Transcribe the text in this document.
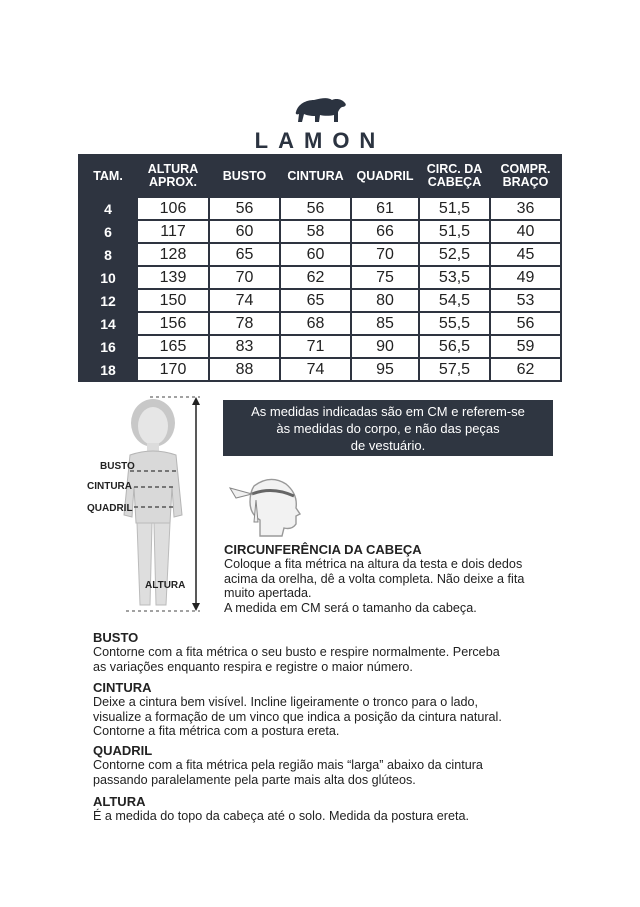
LAMON
TAM.	ALTURA APROX.	BUSTO	CINTURA	QUADRIL	CIRC. DA CABEÇA	COMPR. BRAÇO
4	106	56	56	61	51,5	36
6	117	60	58	66	51,5	40
8	128	65	60	70	52,5	45
10	139	70	62	75	53,5	49
12	150	74	65	80	54,5	53
14	156	78	68	85	55,5	56
16	165	83	71	90	56,5	59
18	170	88	74	95	57,5	62
BUSTO
CINTURA
QUADRIL
ALTURA
As medidas indicadas são em CM e referem-se
às medidas do corpo, e não das peças
de vestuário.
CIRCUNFERÊNCIA DA CABEÇA
Coloque a fita métrica na altura da testa e dois dedos
acima da orelha, dê a volta completa. Não deixe a fita
muito apertada.
A medida em CM será o tamanho da cabeça.
BUSTO

Contorne com a fita métrica o seu busto e respire normalmente. Perceba

as variações enquanto respira e registre o maior número.

CINTURA

Deixe a cintura bem visível. Incline ligeiramente o tronco para o lado,

visualize a formação de um vinco que indica a posição da cintura natural.

Contorne a fita métrica com a postura ereta.

QUADRIL

Contorne com a fita métrica pela região mais “larga” abaixo da cintura

passando paralelamente pela parte mais alta dos glúteos.

ALTURA

É a medida do topo da cabeça até o solo. Medida da postura ereta.
